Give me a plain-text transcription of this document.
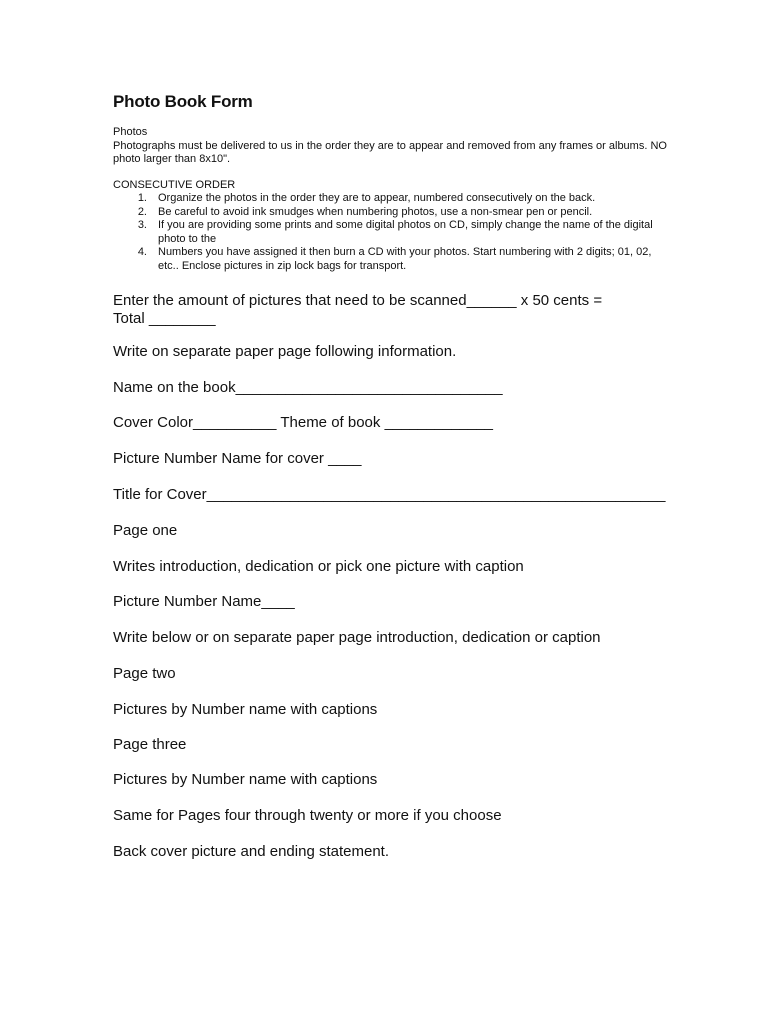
Photo Book Form
Photos
Photographs must be delivered to us in the order they are to appear and removed from any frames or albums. NO photo larger than 8x10".
CONSECUTIVE ORDER
1. Organize the photos in the order they are to appear, numbered consecutively on the back.
2. Be careful to avoid ink smudges when numbering photos, use a non-smear pen or pencil.
3. If you are providing some prints and some digital photos on CD, simply change the name of the digital photo to the
4. Numbers you have assigned it then burn a CD with your photos. Start numbering with 2 digits; 01, 02, etc.. Enclose pictures in zip lock bags for transport.
Enter the amount of pictures that need to be scanned______ x 50 cents =
Total ________
Write on separate paper page following information.
Name on the book________________________________
Cover Color__________ Theme of book _____________
Picture Number Name for cover ____
Title for Cover_______________________________________________________
Page one
Writes introduction, dedication or pick one picture with caption
Picture Number Name____
Write below or on separate paper page introduction, dedication or caption
Page two
Pictures by Number name with captions
Page three
Pictures by Number name with captions
Same for Pages four through twenty or more if you choose
Back cover picture and ending statement.
